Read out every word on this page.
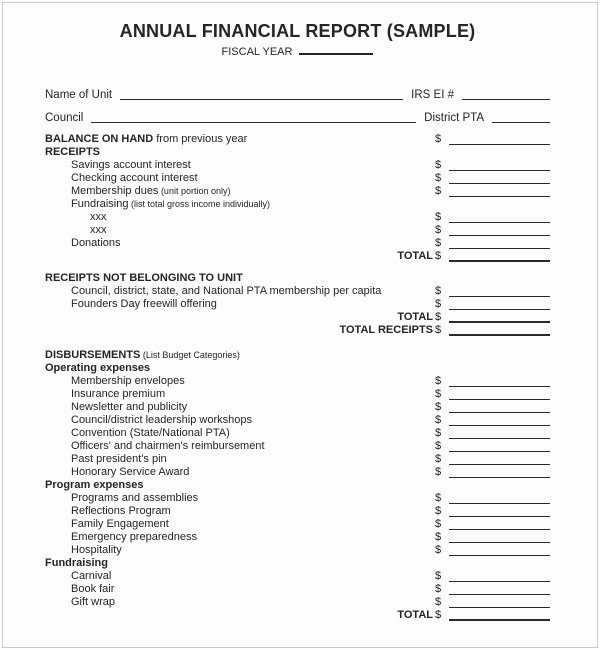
ANNUAL FINANCIAL REPORT (SAMPLE)
FISCAL YEAR
Name of Unit	IRS EI #
Council	District PTA
BALANCE ON HAND from previous year	$
RECEIPTS
Savings account interest	$
Checking account interest	$
Membership dues (unit portion only)	$
Fundraising (list total gross income individually)
xxx	$
xxx	$
Donations	$
TOTAL $
RECEIPTS NOT BELONGING TO UNIT
Council, district, state, and National PTA membership per capita	$
Founders Day freewill offering	$
TOTAL $
TOTAL RECEIPTS $
DISBURSEMENTS (List Budget Categories)
Operating expenses
Membership envelopes	$
Insurance premium	$
Newsletter and publicity	$
Council/district leadership workshops	$
Convention (State/National PTA)	$
Officers' and chairmen's reimbursement	$
Past president's pin	$
Honorary Service Award	$
Program expenses
Programs and assemblies	$
Reflections Program	$
Family Engagement	$
Emergency preparedness	$
Hospitality	$
Fundraising
Carnival	$
Book fair	$
Gift wrap	$
TOTAL $
